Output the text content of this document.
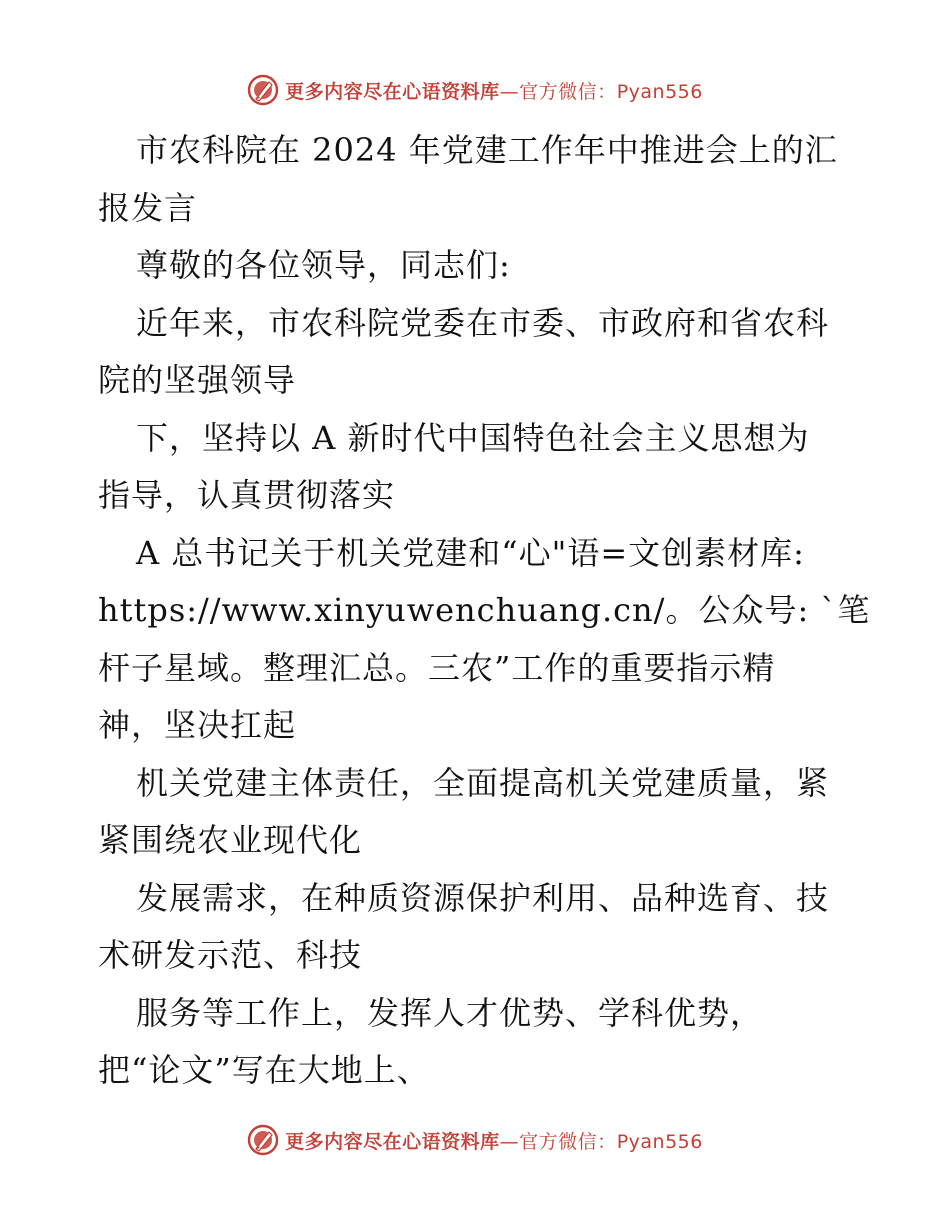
更多内容尽在心语资料库—官方微信：Pyan556
市农科院在 2024 年党建工作年中推进会上的汇
报发言
尊敬的各位领导，同志们:
近年来，市农科院党委在市委、市政府和省农科
院的坚强领导
下，坚持以 A 新时代中国特色社会主义思想为
指导，认真贯彻落实
A 总书记关于机关党建和“心"语=文创素材库:
https://www.xinyuwenchuang.cn/。公众号: `笔
杆子星域。整理汇总。三农”工作的重要指示精
神，坚决扛起
机关党建主体责任，全面提高机关党建质量，紧
紧围绕农业现代化
发展需求，在种质资源保护利用、品种选育、技
术研发示范、科技
服务等工作上，发挥人才优势、学科优势，
把“论文”写在大地上、
更多内容尽在心语资料库—官方微信：Pyan556
